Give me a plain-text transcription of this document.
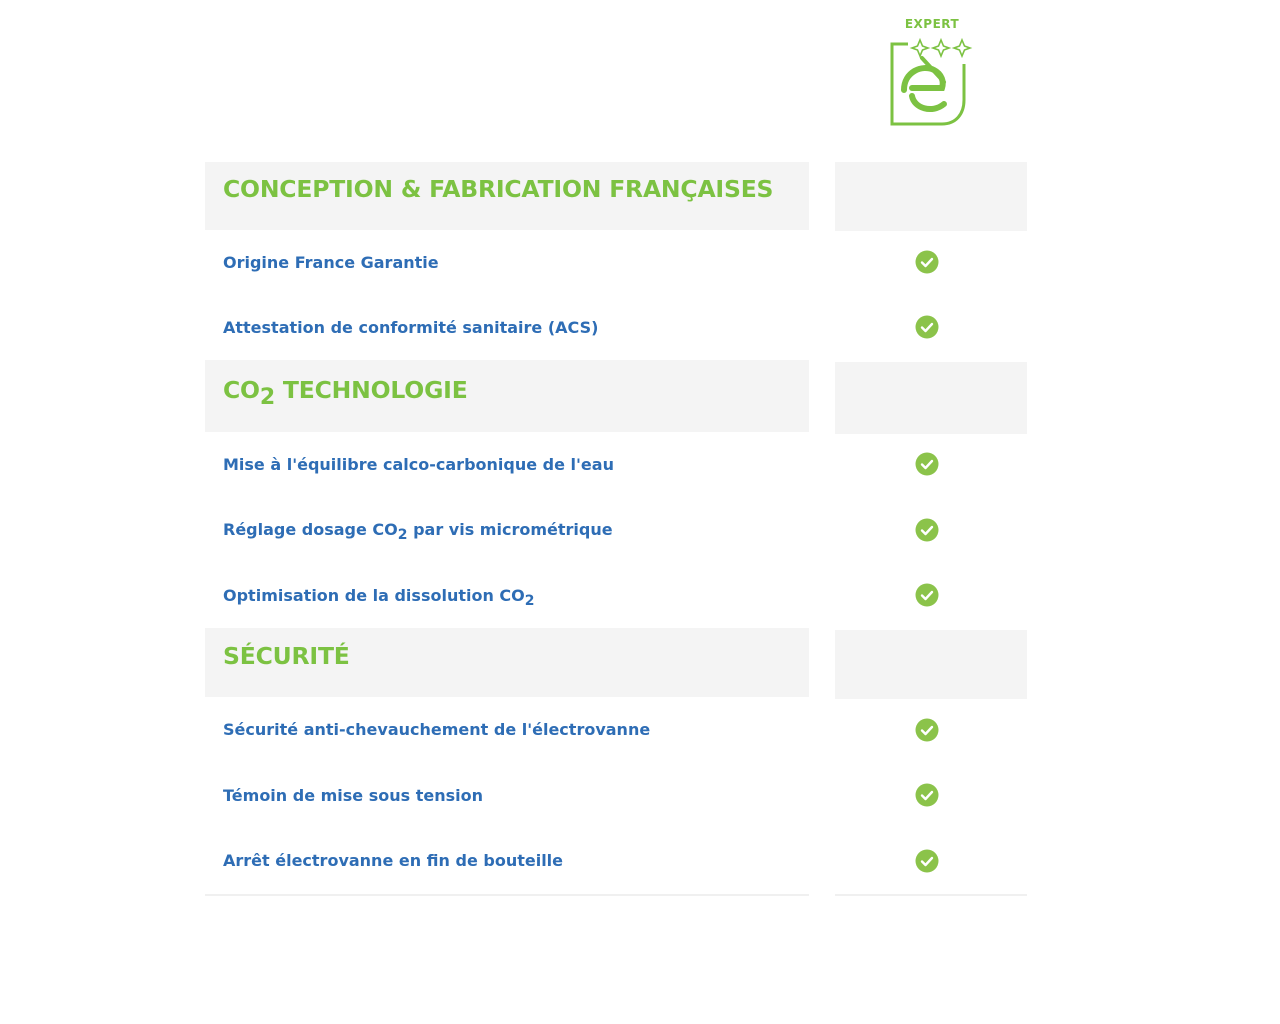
EXPERT
CONCEPTION & FABRICATION FRANÇAISES
Origine France Garantie
Attestation de conformité sanitaire (ACS)
CO2 TECHNOLOGIE
Mise à l'équilibre calco-carbonique de l'eau
Réglage dosage CO2 par vis micrométrique
Optimisation de la dissolution CO2
SÉCURITÉ
Sécurité anti-chevauchement de l'électrovanne
Témoin de mise sous tension
Arrêt électrovanne en fin de bouteille
